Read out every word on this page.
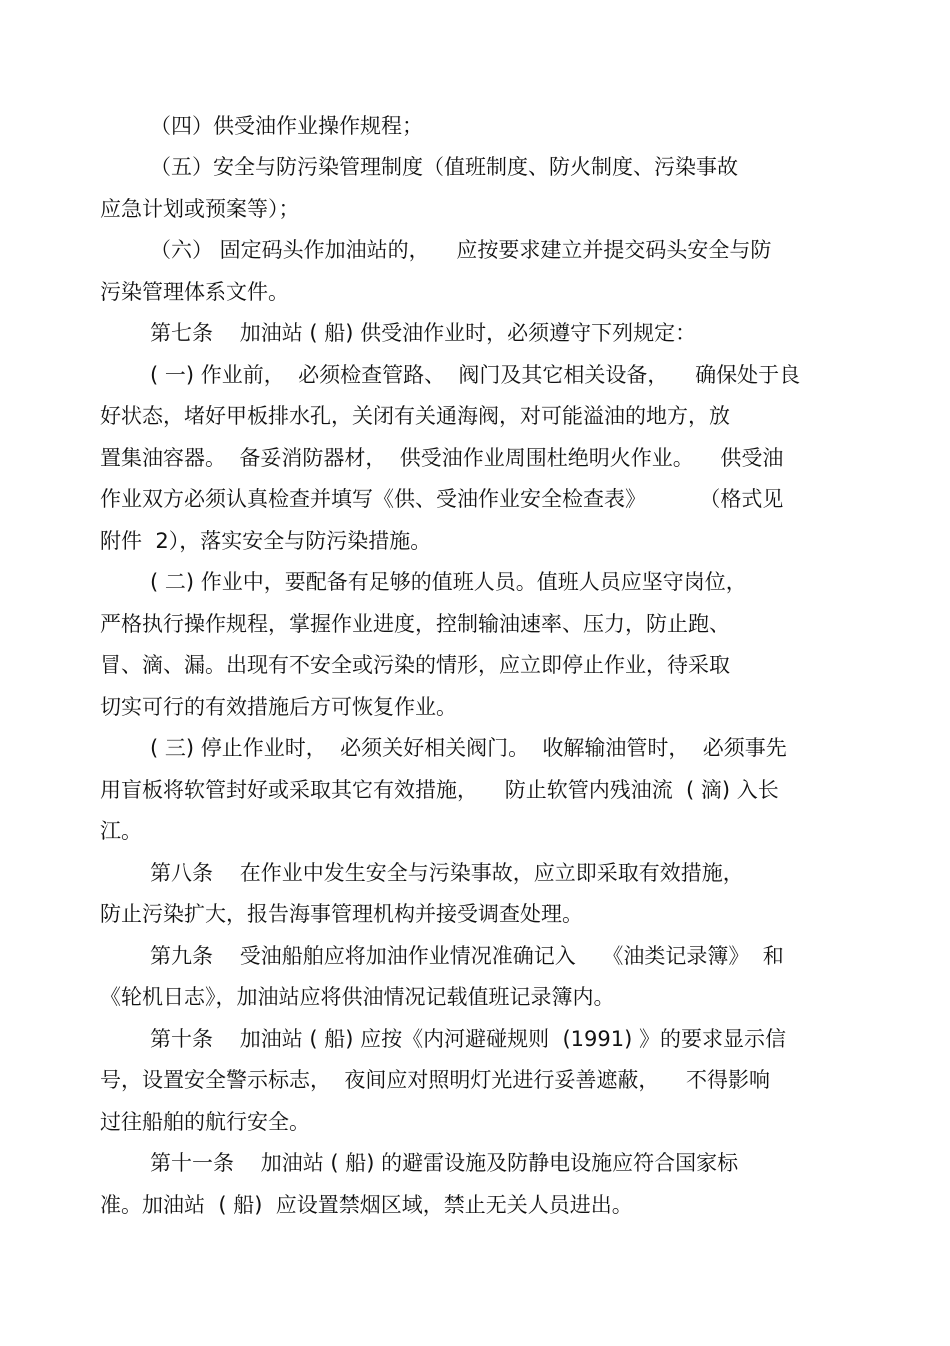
（四）供受油作业操作规程；
（五）安全与防污染管理制度（值班制度、防火制度、污染事故
应急计划或预案等）；
（六） 固定码头作加油站的，    应按要求建立并提交码头安全与防
污染管理体系文件。
第七条    加油站 ( 船) 供受油作业时，必须遵守下列规定：
( 一) 作业前，  必须检查管路、  阀门及其它相关设备，    确保处于良
好状态，堵好甲板排水孔，关闭有关通海阀，对可能溢油的地方，放
置集油容器。  备妥消防器材，  供受油作业周围杜绝明火作业。    供受油
作业双方必须认真检查并填写《供、受油作业安全检查表》        （格式见
附件  2），落实安全与防污染措施。
( 二) 作业中，要配备有足够的值班人员。值班人员应坚守岗位，
严格执行操作规程，掌握作业进度，控制输油速率、压力，防止跑、
冒、滴、漏。出现有不安全或污染的情形，应立即停止作业，待采取
切实可行的有效措施后方可恢复作业。
( 三) 停止作业时，  必须关好相关阀门。  收解输油管时，  必须事先
用盲板将软管封好或采取其它有效措施，    防止软管内残油流  ( 滴) 入长
江。
第八条    在作业中发生安全与污染事故，应立即采取有效措施，
防止污染扩大，报告海事管理机构并接受调查处理。
第九条    受油船舶应将加油作业情况准确记入    《油类记录簿》  和
《轮机日志》，加油站应将供油情况记载值班记录簿内。
第十条    加油站 ( 船) 应按《内河避碰规则  (1991) 》的要求显示信
号，设置安全警示标志，  夜间应对照明灯光进行妥善遮蔽，    不得影响
过往船舶的航行安全。
第十一条    加油站 ( 船) 的避雷设施及防静电设施应符合国家标
准。加油站  ( 船)  应设置禁烟区域，禁止无关人员进出。
